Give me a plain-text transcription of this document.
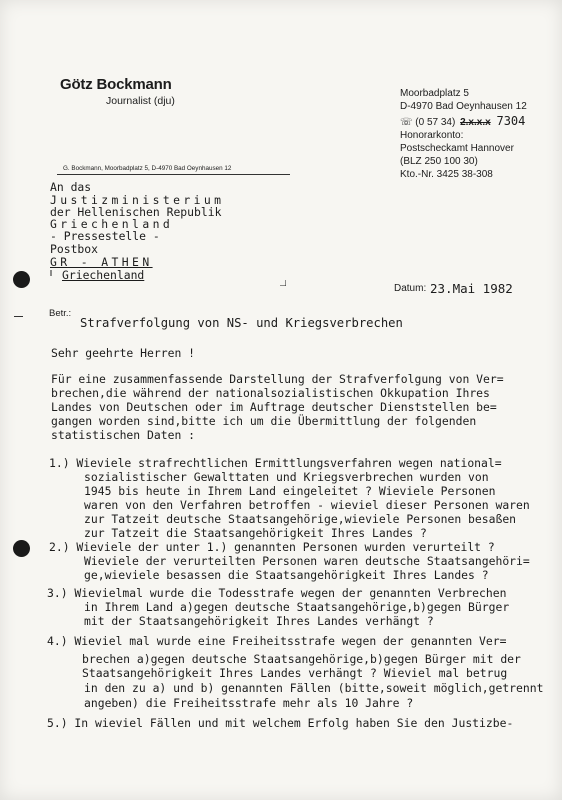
Götz Bockmann
Journalist (dju)
Moorbadplatz 5
D-4970 Bad Oeynhausen 12
☏ (0 57 34) 2.x.x.x 7304
Honorarkonto:
Postscheckamt Hannover
(BLZ 250 100 30)
Kto.-Nr. 3425 38-308
G. Bockmann, Moorbadplatz 5, D-4970 Bad Oeynhausen 12
An das
Justizministerium
der Hellenischen Republik
Griechenland
- Pressestelle -
Postbox
GR - ATHEN
Griechenland
Datum: 23.Mai 1982
Betr.:
Strafverfolgung von NS- und Kriegsverbrechen
Sehr geehrte Herren !
Für eine zusammenfassende Darstellung der Strafverfolgung von Ver=
brechen,die während der nationalsozialistischen Okkupation Ihres
Landes von Deutschen oder im Auftrage deutscher Dienststellen be=
gangen worden sind,bitte ich um die Übermittlung der folgenden
statistischen Daten :
1.) Wieviele strafrechtlichen Ermittlungsverfahren wegen national=
sozialistischer Gewalttaten und Kriegsverbrechen wurden von
1945 bis heute in Ihrem Land eingeleitet ? Wieviele Personen
waren von den Verfahren betroffen - wieviel dieser Personen waren
zur Tatzeit deutsche Staatsangehörige,wieviele Personen besaßen
zur Tatzeit die Staatsangehörigkeit Ihres Landes ?
2.) Wieviele der unter 1.) genannten Personen wurden verurteilt ?
Wieviele der verurteilten Personen waren deutsche Staatsangehöri=
ge,wieviele besassen die Staatsangehörigkeit Ihres Landes ?
3.) Wievielmal wurde die Todesstrafe wegen der genannten Verbrechen
in Ihrem Land a)gegen deutsche Staatsangehörige,b)gegen Bürger
mit der Staatsangehörigkeit Ihres Landes verhängt ?
4.) Wieviel mal wurde eine Freiheitsstrafe wegen der genannten Ver=
brechen a)gegen deutsche Staatsangehörige,b)gegen Bürger mit der
Staatsangehörigkeit Ihres Landes verhängt ? Wieviel mal betrug
in den zu a) und b) genannten Fällen (bitte,soweit möglich,getrennt
angeben) die Freiheitsstrafe mehr als 10 Jahre ?
5.) In wieviel Fällen und mit welchem Erfolg haben Sie den Justizbe-
